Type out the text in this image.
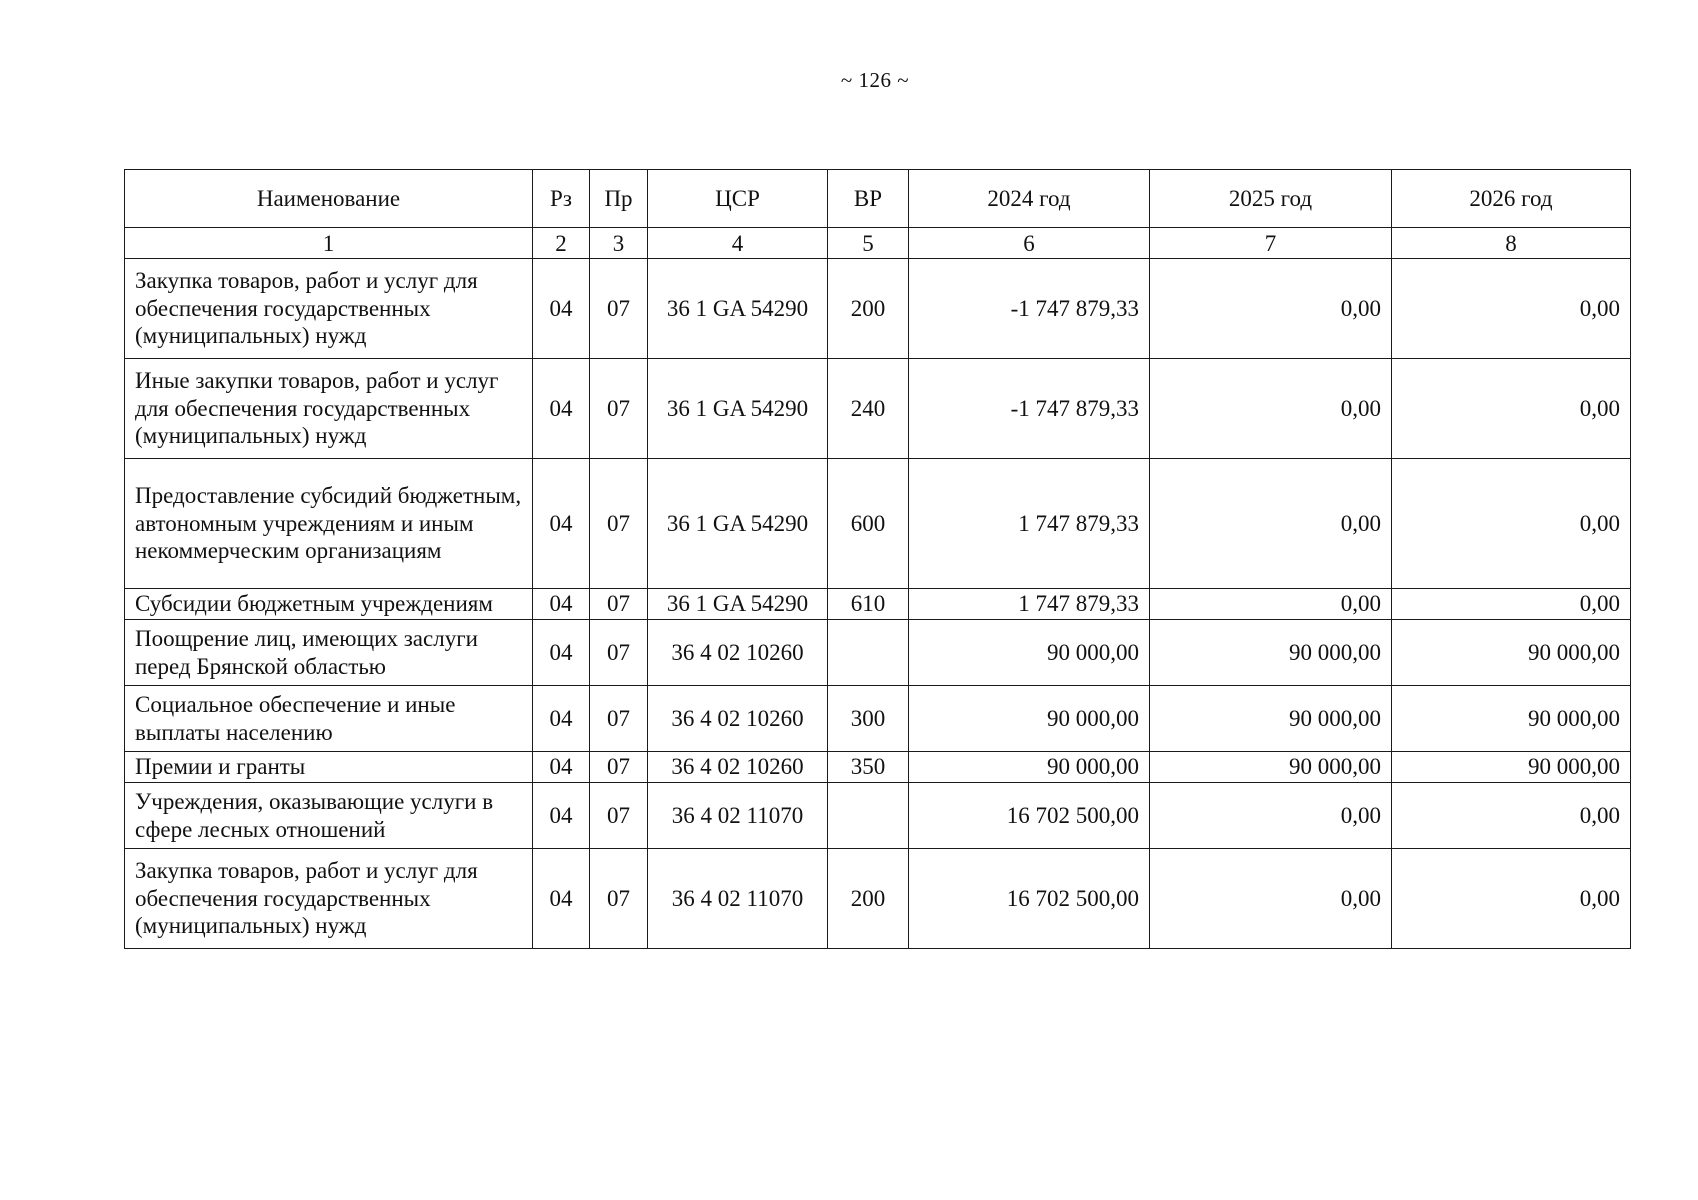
~ 126 ~
Наименование	Рз	Пр	ЦСР	ВР	2024 год	2025 год	2026 год
1	2	3	4	5	6	7	8
Закупка товаров, работ и услуг для обеспечения государственных (муниципальных) нужд	04	07	36 1 GA 54290	200	-1 747 879,33	0,00	0,00
Иные закупки товаров, работ и услуг для обеспечения государственных (муниципальных) нужд	04	07	36 1 GA 54290	240	-1 747 879,33	0,00	0,00
Предоставление субсидий бюджетным, автономным учреждениям и иным некоммерческим организациям	04	07	36 1 GA 54290	600	1 747 879,33	0,00	0,00
Субсидии бюджетным учреждениям	04	07	36 1 GA 54290	610	1 747 879,33	0,00	0,00
Поощрение лиц, имеющих заслуги перед Брянской областью	04	07	36 4 02 10260		90 000,00	90 000,00	90 000,00
Социальное обеспечение и иные выплаты населению	04	07	36 4 02 10260	300	90 000,00	90 000,00	90 000,00
Премии и гранты	04	07	36 4 02 10260	350	90 000,00	90 000,00	90 000,00
Учреждения, оказывающие услуги в сфере лесных отношений	04	07	36 4 02 11070		16 702 500,00	0,00	0,00
Закупка товаров, работ и услуг для обеспечения государственных (муниципальных) нужд	04	07	36 4 02 11070	200	16 702 500,00	0,00	0,00
